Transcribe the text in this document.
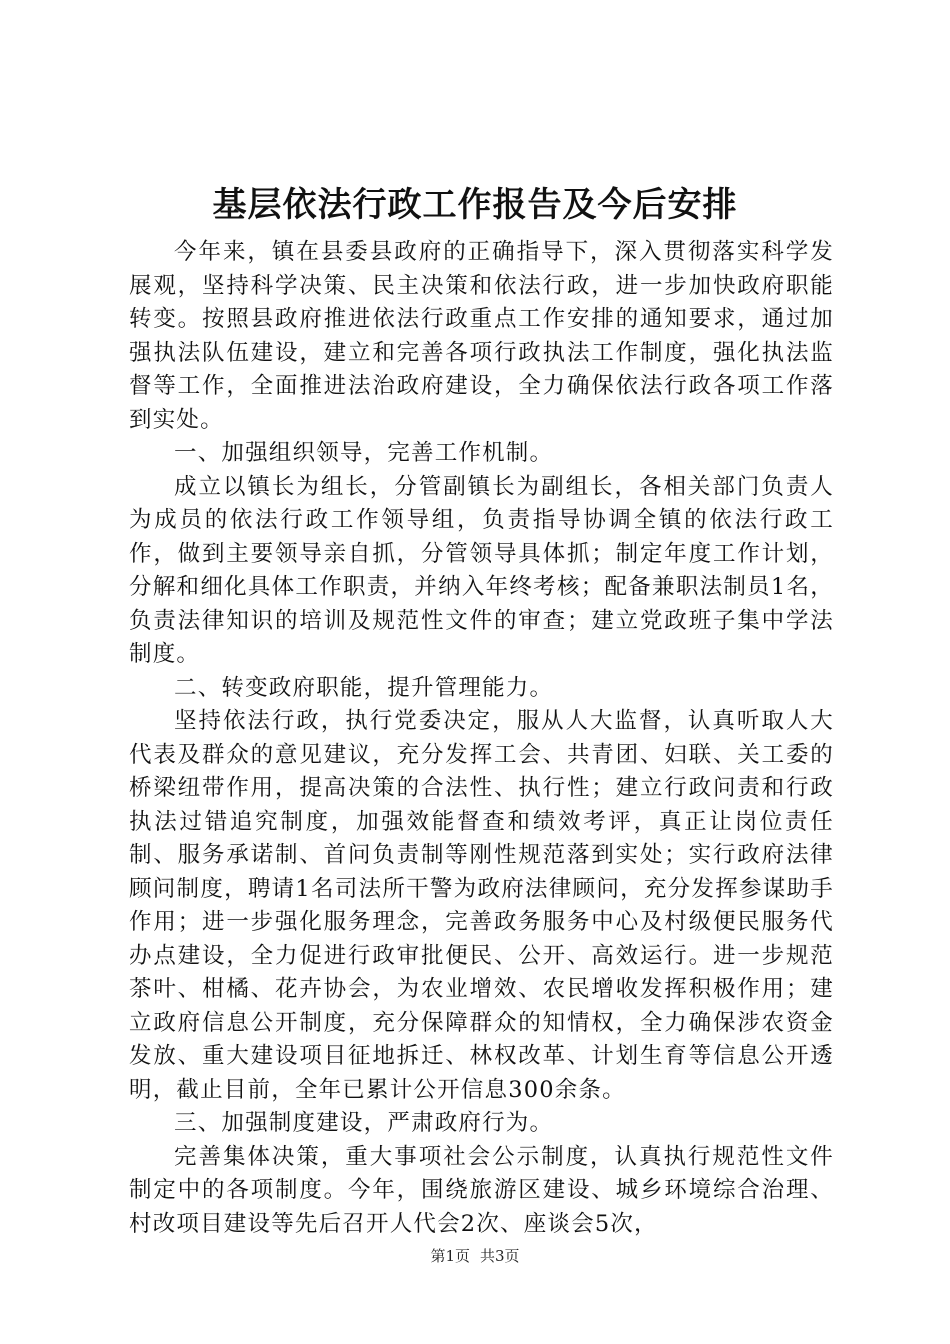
基层依法行政工作报告及今后安排

今年来，镇在县委县政府的正确指导下，深入贯彻落实科学发展观，坚持科学决策、民主决策和依法行政，进一步加快政府职能转变。按照县政府推进依法行政重点工作安排的通知要求，通过加强执法队伍建设，建立和完善各项行政执法工作制度，强化执法监督等工作，全面推进法治政府建设，全力确保依法行政各项工作落到实处。

一、加强组织领导，完善工作机制。

成立以镇长为组长，分管副镇长为副组长，各相关部门负责人为成员的依法行政工作领导组，负责指导协调全镇的依法行政工作，做到主要领导亲自抓，分管领导具体抓；制定年度工作计划，分解和细化具体工作职责，并纳入年终考核；配备兼职法制员1名，负责法律知识的培训及规范性文件的审查；建立党政班子集中学法制度。

二、转变政府职能，提升管理能力。

坚持依法行政，执行党委决定，服从人大监督，认真听取人大代表及群众的意见建议，充分发挥工会、共青团、妇联、关工委的桥梁纽带作用，提高决策的合法性、执行性；建立行政问责和行政执法过错追究制度，加强效能督查和绩效考评，真正让岗位责任制、服务承诺制、首问负责制等刚性规范落到实处；实行政府法律顾问制度，聘请1名司法所干警为政府法律顾问，充分发挥参谋助手作用；进一步强化服务理念，完善政务服务中心及村级便民服务代办点建设，全力促进行政审批便民、公开、高效运行。进一步规范茶叶、柑橘、花卉协会，为农业增效、农民增收发挥积极作用；建立政府信息公开制度，充分保障群众的知情权，全力确保涉农资金发放、重大建设项目征地拆迁、林权改革、计划生育等信息公开透明，截止目前，全年已累计公开信息300余条。

三、加强制度建设，严肃政府行为。

完善集体决策，重大事项社会公示制度，认真执行规范性文件制定中的各项制度。今年，围绕旅游区建设、城乡环境综合治理、村改项目建设等先后召开人代会2次、座谈会5次，

第1页 共3页
